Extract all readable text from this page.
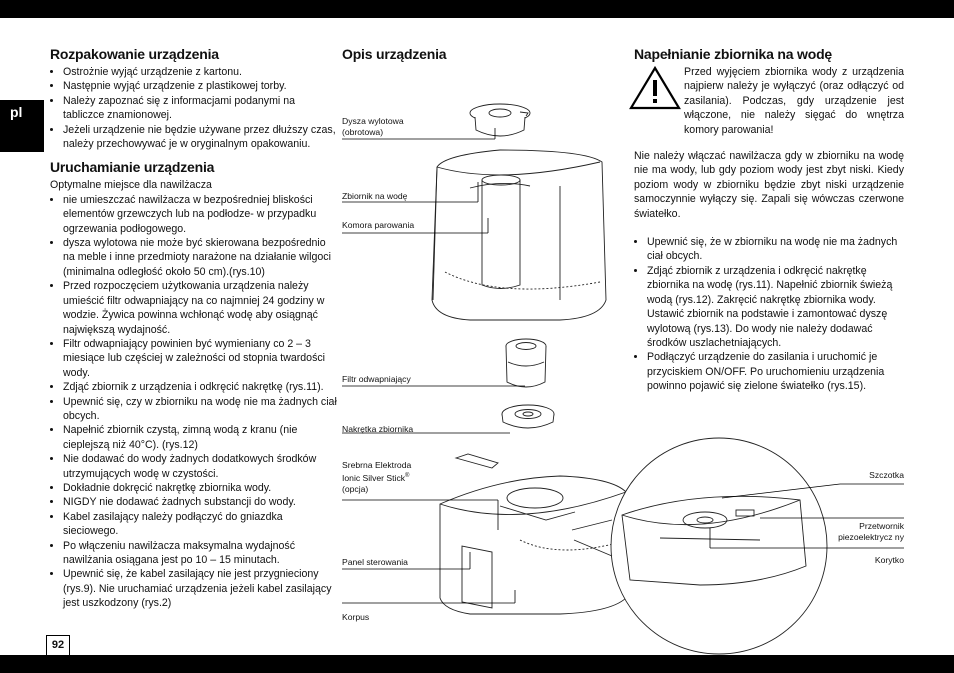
pl
Rozpakowanie urządzenia
• Ostrożnie wyjąć urządzenie z kartonu.
• Następnie wyjąć urządzenie z plastikowej torby.
• Należy zapoznać się z informacjami podanymi na tabliczce znamionowej.
• Jeżeli urządzenie nie będzie używane przez dłuższy czas, należy przechowywać je w oryginalnym opakowaniu.
Uruchamianie urządzenia

Optymalne miejsce dla nawilżacza

• nie umieszczać nawilżacza w bezpośredniej bliskości elementów grzewczych lub na podłodze- w przypadku ogrzewania podłogowego.
• dysza wylotowa nie może być skierowana bezpośrednio na meble i inne przedmioty narażone na działanie wilgoci (minimalna odległość około 50 cm).(rys.10)
• Przed rozpoczęciem użytkowania urządzenia należy umieścić filtr odwapniający na co najmniej 24 godziny w wodzie. Żywica powinna wchłonąć wodę aby osiągnąć największą wydajność.
• Filtr odwapniający powinien być wymieniany co 2 – 3 miesiące lub częściej w zależności od stopnia twardości wody.
• Zdjąć zbiornik z urządzenia i odkręcić nakrętkę (rys.11).
• Upewnić się, czy w zbiorniku na wodę nie ma żadnych ciał obcych.
• Napełnić zbiornik czystą, zimną wodą z kranu (nie cieplejszą niż 40°C). (rys.12)
• Nie dodawać do wody żadnych dodatkowych środków utrzymujących wodę w czystości.
• Dokładnie dokręcić nakrętkę zbiornika wody.
• NIGDY nie dodawać żadnych substancji do wody.
• Kabel zasilający należy podłączyć do gniazdka sieciowego.
• Po włączeniu nawilżacza maksymalna wydajność nawilżania osiągana jest po 10 – 15 minutach.
• Upewnić się, że kabel zasilający nie jest przygnieciony (rys.9). Nie uruchamiać urządzenia jeżeli kabel zasilający jest uszkodzony (rys.2)
Opis urządzenia
Dysza wylotowa
(obrotowa)
Zbiornik na wodę
Komora parowania
Filtr odwapniający
Nakrętka zbiornika
Srebrna Elektroda
Ionic Silver Stick®
(opcja)
Panel sterowania
Korpus
Szczotka
Przetwornik
piezoelektrycz ny
Korytko
Napełnianie zbiornika na wodę

Przed wyjęciem zbiornika wody z urządzenia najpierw należy je wyłączyć (oraz odłączyć od zasilania). Podczas, gdy urządzenie jest włączone, nie należy sięgać do wnętrza komory parowania!

Nie należy włączać nawilżacza gdy w zbiorniku na wodę nie ma wody, lub gdy poziom wody jest zbyt niski. Kiedy poziom wody w zbiorniku będzie zbyt niski urządzenie samoczynnie wyłączy się. Zapali się wówczas czerwone światełko.

• Upewnić się, że w zbiorniku na wodę nie ma żadnych ciał obcych.
• Zdjąć zbiornik z urządzenia i odkręcić nakrętkę zbiornika na wodę (rys.11). Napełnić zbiornik świeżą wodą (rys.12). Zakręcić nakrętkę zbiornika wody. Ustawić zbiornik na podstawie i zamontować dyszę wylotową (rys.13). Do wody nie należy dodawać środków uszlachetniających.
• Podłączyć urządzenie do zasilania i uruchomić je przyciskiem ON/OFF. Po uruchomieniu urządzenia powinno pojawić się zielone światełko (rys.15).
92
